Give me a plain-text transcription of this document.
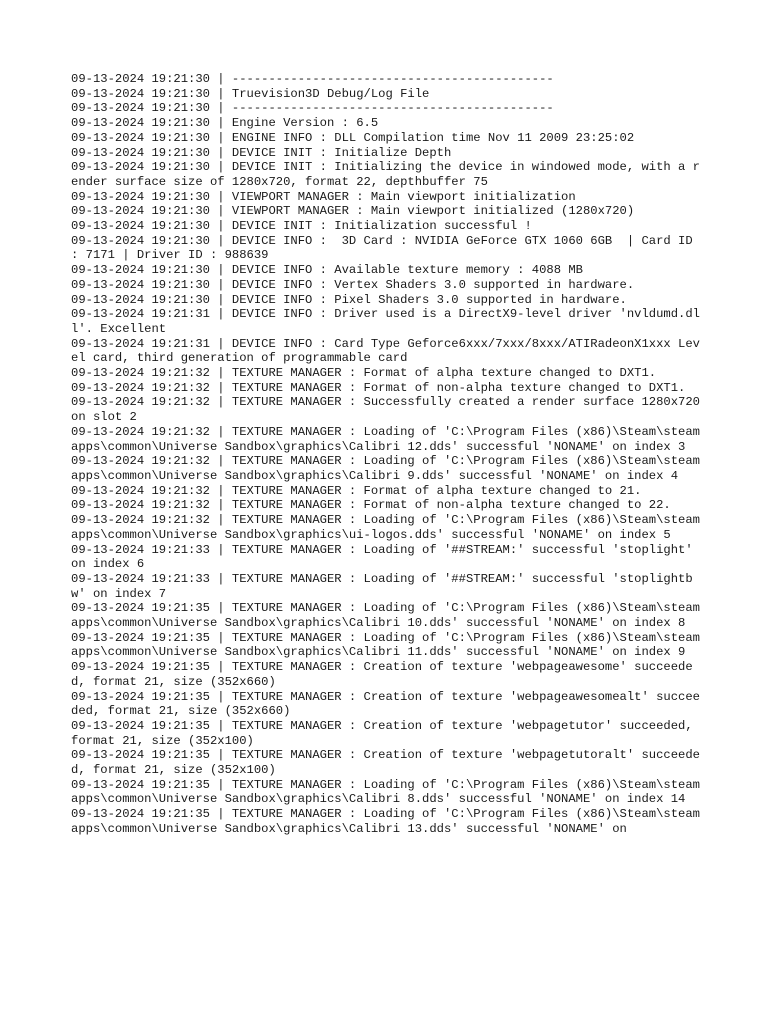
09-13-2024 19:21:30 | --------------------------------------------
09-13-2024 19:21:30 | Truevision3D Debug/Log File
09-13-2024 19:21:30 | --------------------------------------------
09-13-2024 19:21:30 | Engine Version : 6.5
09-13-2024 19:21:30 | ENGINE INFO : DLL Compilation time Nov 11 2009 23:25:02
09-13-2024 19:21:30 | DEVICE INIT : Initialize Depth
09-13-2024 19:21:30 | DEVICE INIT : Initializing the device in windowed mode, with a render surface size of 1280x720, format 22, depthbuffer 75
09-13-2024 19:21:30 | VIEWPORT MANAGER : Main viewport initialization
09-13-2024 19:21:30 | VIEWPORT MANAGER : Main viewport initialized (1280x720)
09-13-2024 19:21:30 | DEVICE INIT : Initialization successful !
09-13-2024 19:21:30 | DEVICE INFO :  3D Card : NVIDIA GeForce GTX 1060 6GB  | Card ID : 7171 | Driver ID : 988639
09-13-2024 19:21:30 | DEVICE INFO : Available texture memory : 4088 MB
09-13-2024 19:21:30 | DEVICE INFO : Vertex Shaders 3.0 supported in hardware.
09-13-2024 19:21:30 | DEVICE INFO : Pixel Shaders 3.0 supported in hardware.
09-13-2024 19:21:31 | DEVICE INFO : Driver used is a DirectX9-level driver 'nvldumd.dll'. Excellent
09-13-2024 19:21:31 | DEVICE INFO : Card Type Geforce6xxx/7xxx/8xxx/ATIRadeonX1xxx Level card, third generation of programmable card
09-13-2024 19:21:32 | TEXTURE MANAGER : Format of alpha texture changed to DXT1.
09-13-2024 19:21:32 | TEXTURE MANAGER : Format of non-alpha texture changed to DXT1.
09-13-2024 19:21:32 | TEXTURE MANAGER : Successfully created a render surface 1280x720 on slot 2
09-13-2024 19:21:32 | TEXTURE MANAGER : Loading of 'C:\Program Files (x86)\Steam\steamapps\common\Universe Sandbox\graphics\Calibri 12.dds' successful 'NONAME' on index 3
09-13-2024 19:21:32 | TEXTURE MANAGER : Loading of 'C:\Program Files (x86)\Steam\steamapps\common\Universe Sandbox\graphics\Calibri 9.dds' successful 'NONAME' on index 4
09-13-2024 19:21:32 | TEXTURE MANAGER : Format of alpha texture changed to 21.
09-13-2024 19:21:32 | TEXTURE MANAGER : Format of non-alpha texture changed to 22.
09-13-2024 19:21:32 | TEXTURE MANAGER : Loading of 'C:\Program Files (x86)\Steam\steamapps\common\Universe Sandbox\graphics\ui-logos.dds' successful 'NONAME' on index 5
09-13-2024 19:21:33 | TEXTURE MANAGER : Loading of '##STREAM:' successful 'stoplight' on index 6
09-13-2024 19:21:33 | TEXTURE MANAGER : Loading of '##STREAM:' successful 'stoplightbw' on index 7
09-13-2024 19:21:35 | TEXTURE MANAGER : Loading of 'C:\Program Files (x86)\Steam\steamapps\common\Universe Sandbox\graphics\Calibri 10.dds' successful 'NONAME' on index 8
09-13-2024 19:21:35 | TEXTURE MANAGER : Loading of 'C:\Program Files (x86)\Steam\steamapps\common\Universe Sandbox\graphics\Calibri 11.dds' successful 'NONAME' on index 9
09-13-2024 19:21:35 | TEXTURE MANAGER : Creation of texture 'webpageawesome' succeeded, format 21, size (352x660)
09-13-2024 19:21:35 | TEXTURE MANAGER : Creation of texture 'webpageawesomealt' succeeded, format 21, size (352x660)
09-13-2024 19:21:35 | TEXTURE MANAGER : Creation of texture 'webpagetutor' succeeded, format 21, size (352x100)
09-13-2024 19:21:35 | TEXTURE MANAGER : Creation of texture 'webpagetutoralt' succeeded, format 21, size (352x100)
09-13-2024 19:21:35 | TEXTURE MANAGER : Loading of 'C:\Program Files (x86)\Steam\steamapps\common\Universe Sandbox\graphics\Calibri 8.dds' successful 'NONAME' on index 14
09-13-2024 19:21:35 | TEXTURE MANAGER : Loading of 'C:\Program Files (x86)\Steam\steamapps\common\Universe Sandbox\graphics\Calibri 13.dds' successful 'NONAME' on
